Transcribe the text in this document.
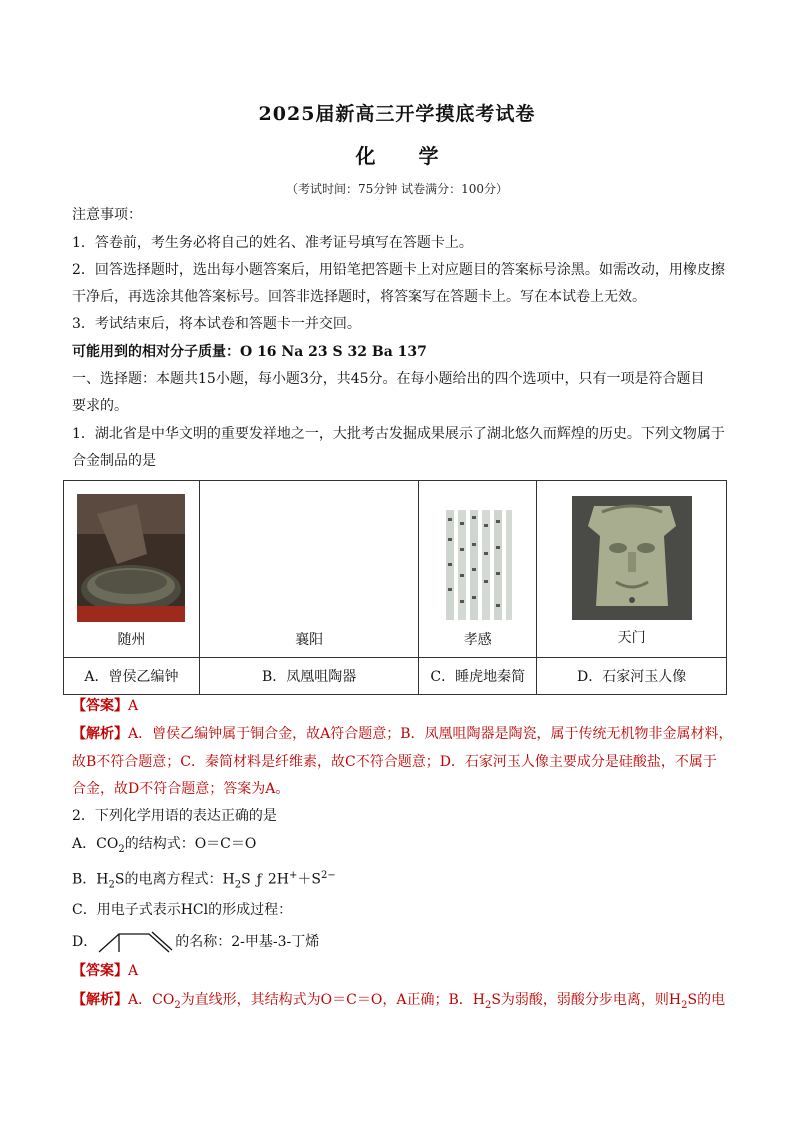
2025届新高三开学摸底考试卷
化 学
（考试时间：75分钟 试卷满分：100分）
注意事项：
1．答卷前，考生务必将自己的姓名、准考证号填写在答题卡上。
2．回答选择题时，选出每小题答案后，用铅笔把答题卡上对应题目的答案标号涂黑。如需改动，用橡皮擦
干净后，再选涂其他答案标号。回答非选择题时，将答案写在答题卡上。写在本试卷上无效。
3．考试结束后，将本试卷和答题卡一并交回。
可能用到的相对分子质量：O 16 Na 23 S 32 Ba 137
一、选择题：本题共15小题，每小题3分，共45分。在每小题给出的四个选项中，只有一项是符合题目
要求的。
1．湖北省是中华文明的重要发祥地之一，大批考古发掘成果展示了湖北悠久而辉煌的历史。下列文物属于
合金制品的是
随州	襄阳	孝感	天门

A．曾侯乙编钟	B．凤凰咀陶器	C．睡虎地秦简	D．石家河玉人像
【答案】A
【解析】A．曾侯乙编钟属于铜合金，故A符合题意；B．凤凰咀陶器是陶瓷，属于传统无机物非金属材料，
故B不符合题意；C．秦简材料是纤维素，故C不符合题意；D．石家河玉人像主要成分是硅酸盐，不属于
合金，故D不符合题意；答案为A。
2．下列化学用语的表达正确的是
A．$CO_2$的结构式：O＝C＝O
B．$H_2S$的电离方程式：$H_2S$ ƒ $2H^++S^{2-}$
C．用电子式表示HCl的形成过程：
D．	的名称：2-甲基-3-丁烯
【答案】A
【解析】A．$CO_2$为直线形，其结构式为O＝C＝O，A正确；B．$H_2S$为弱酸，弱酸分步电离，则$H_2S$的电
